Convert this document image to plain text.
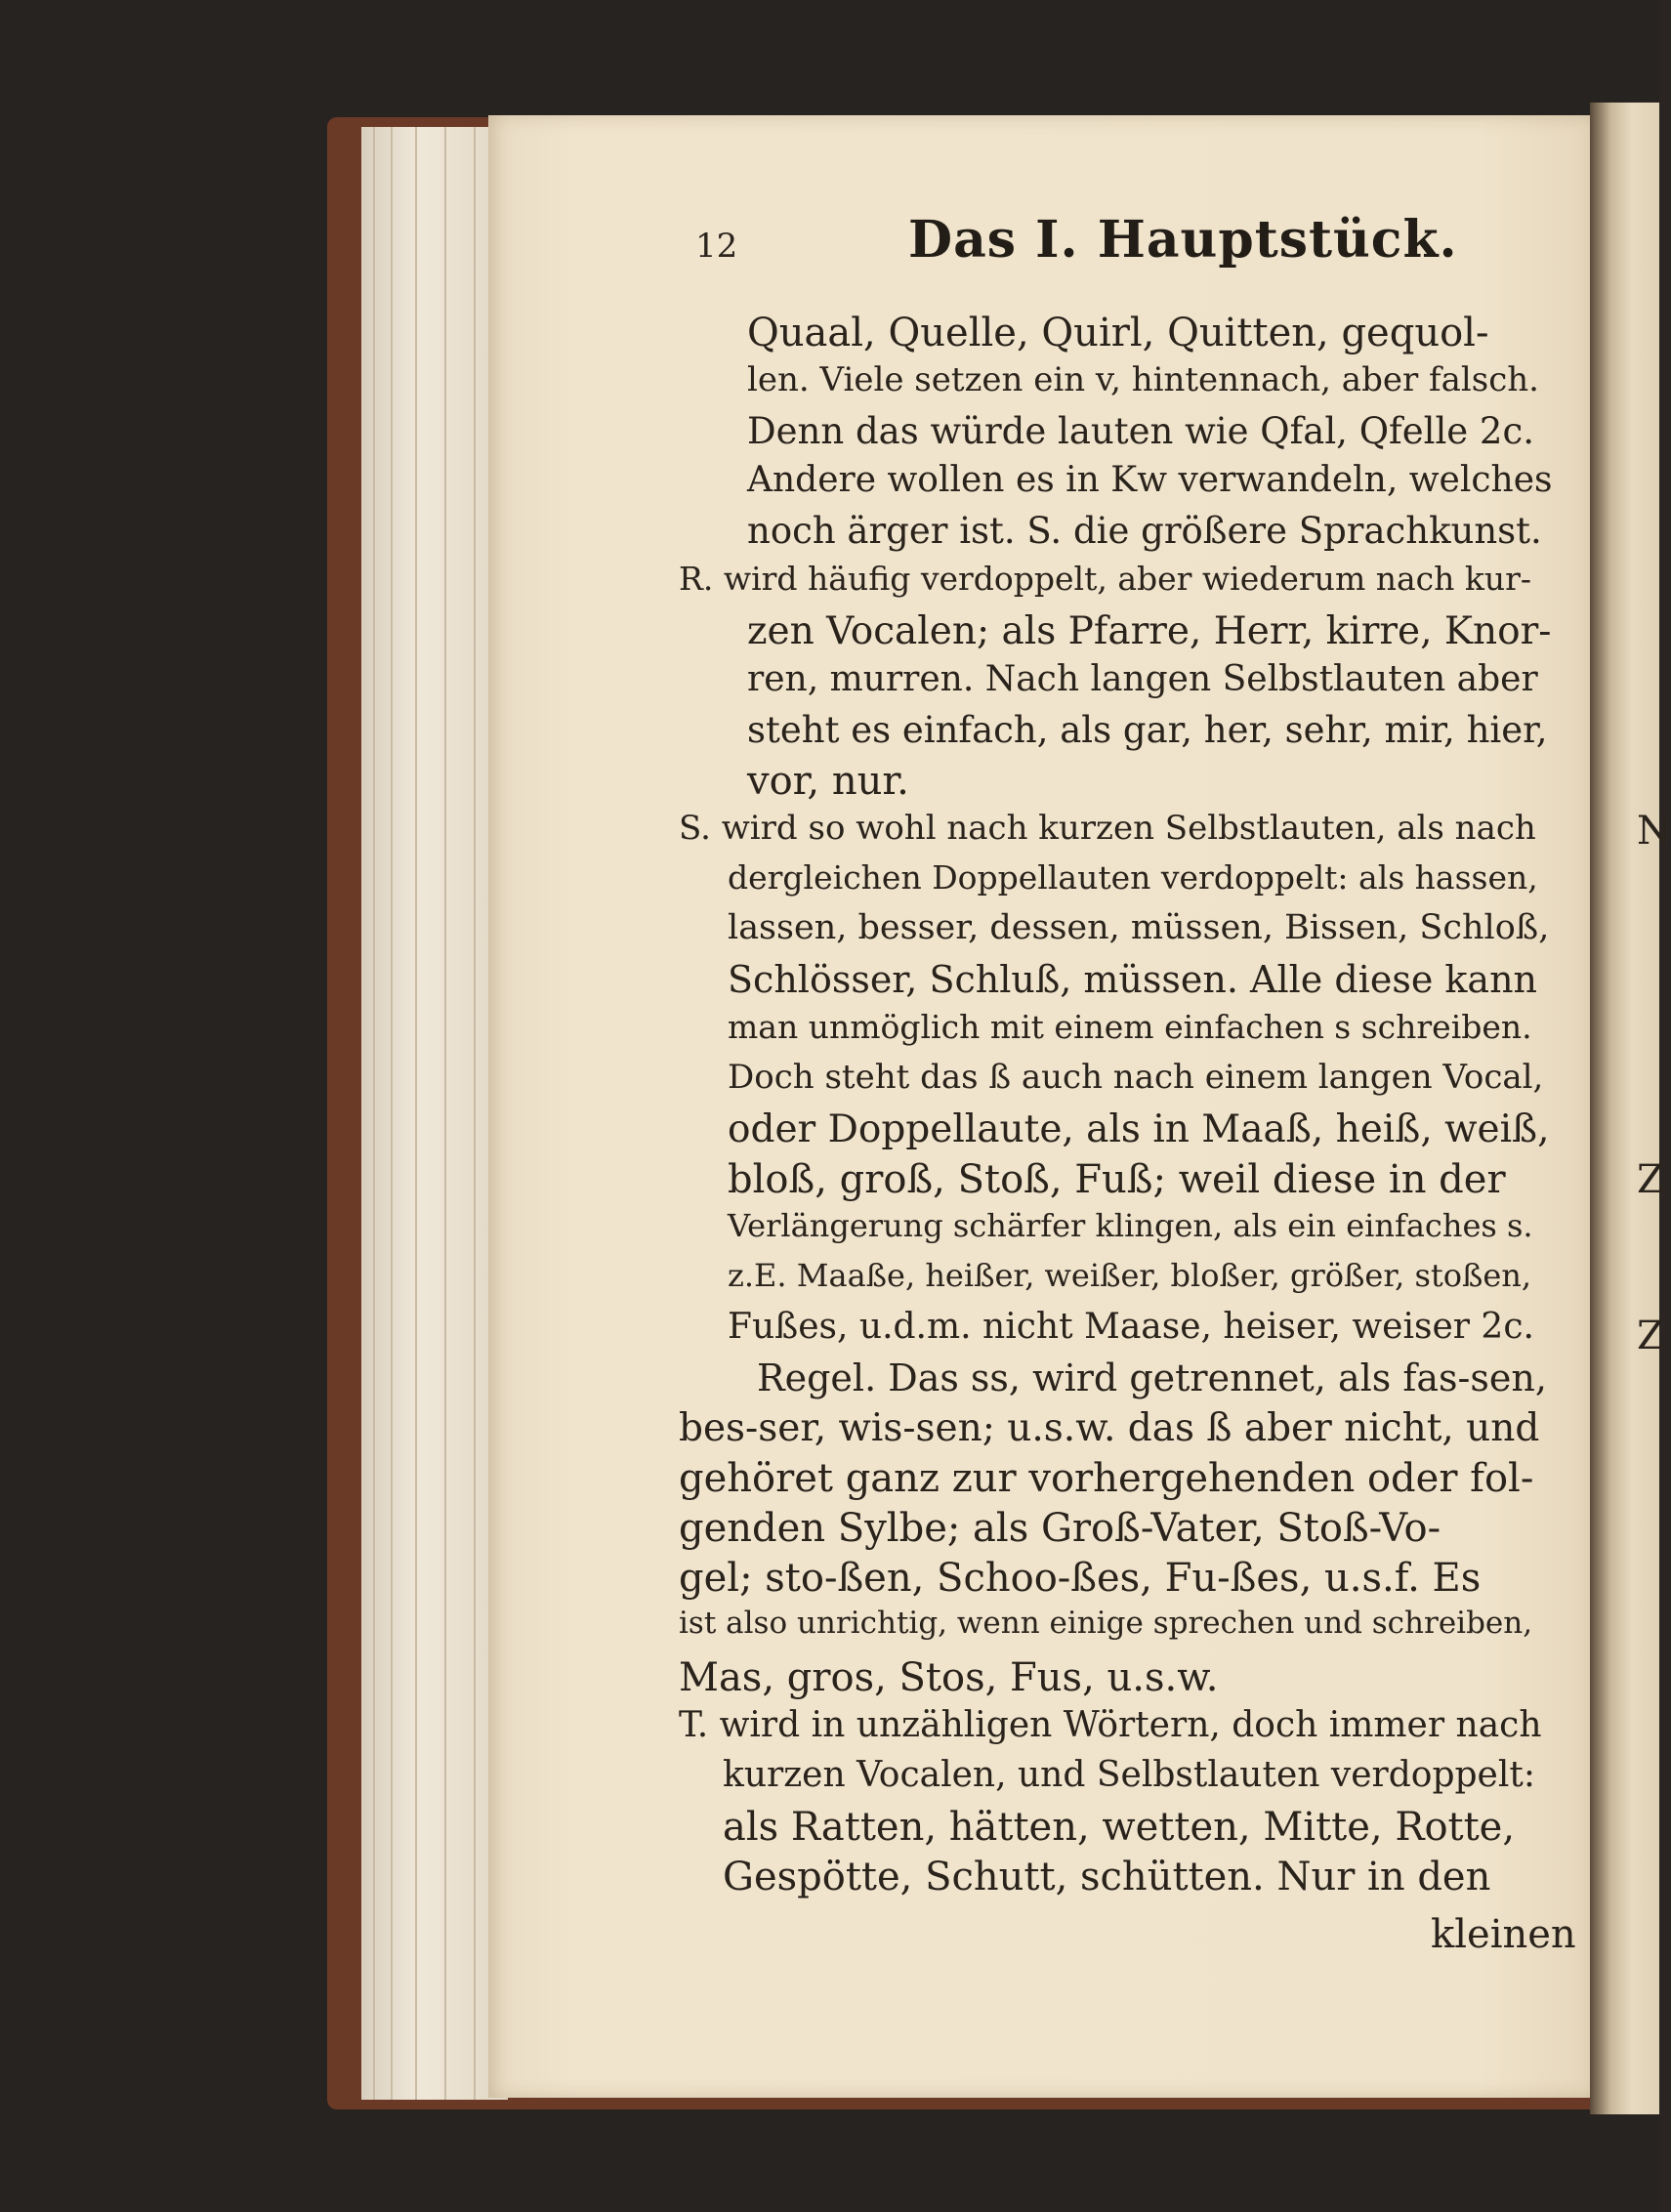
N
Z
Z
12	Das I. Hauptstück.
Quaal, Quelle, Quirl, Quitten, gequol-
len. Viele setzen ein v, hintennach, aber falsch.
Denn das würde lauten wie Qfal, Qfelle 2c.
Andere wollen es in Kw verwandeln, welches
noch ärger ist. S. die größere Sprachkunst.
R. wird häufig verdoppelt, aber wiederum nach kur-
zen Vocalen; als Pfarre, Herr, kirre, Knor-
ren, murren. Nach langen Selbstlauten aber
steht es einfach, als gar, her, sehr, mir, hier,
vor, nur.
S. wird so wohl nach kurzen Selbstlauten, als nach
dergleichen Doppellauten verdoppelt: als hassen,
lassen, besser, dessen, müssen, Bissen, Schloß,
Schlösser, Schluß, müssen. Alle diese kann
man unmöglich mit einem einfachen s schreiben.
Doch steht das ß auch nach einem langen Vocal,
oder Doppellaute, als in Maaß, heiß, weiß,
bloß, groß, Stoß, Fuß; weil diese in der
Verlängerung schärfer klingen, als ein einfaches s.
z.E. Maaße, heißer, weißer, bloßer, größer, stoßen,
Fußes, u.d.m. nicht Maase, heiser, weiser 2c.
Regel. Das ss, wird getrennet, als fas-sen,
bes-ser, wis-sen; u.s.w. das ß aber nicht, und
gehöret ganz zur vorhergehenden oder fol-
genden Sylbe; als Groß-Vater, Stoß-Vo-
gel; sto-ßen, Schoo-ßes, Fu-ßes, u.s.f. Es
ist also unrichtig, wenn einige sprechen und schreiben,
Mas, gros, Stos, Fus, u.s.w.
T. wird in unzähligen Wörtern, doch immer nach
kurzen Vocalen, und Selbstlauten verdoppelt:
als Ratten, hätten, wetten, Mitte, Rotte,
Gespötte, Schutt, schütten. Nur in den
kleinen
